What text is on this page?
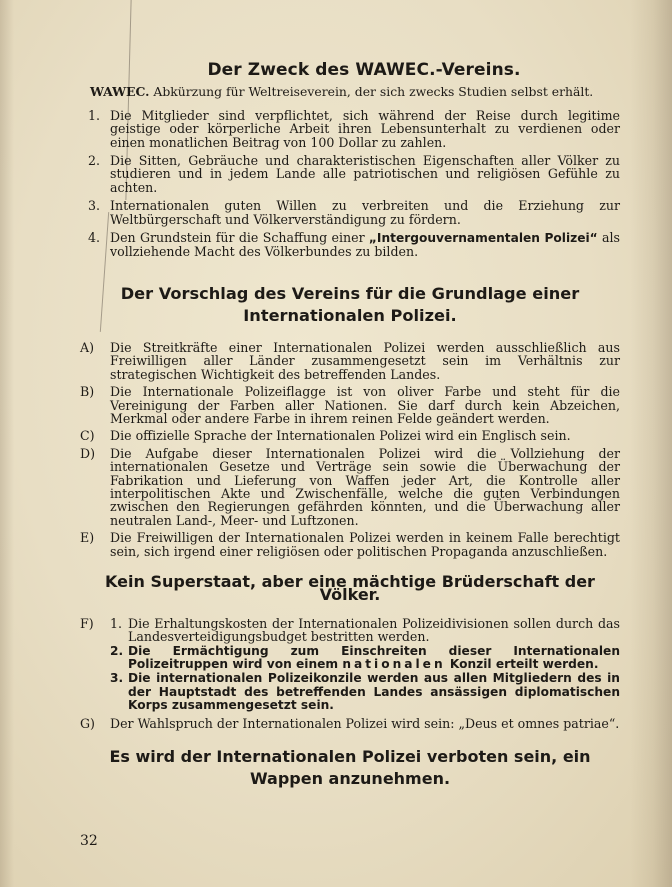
Der Zweck des WAWEC.-Vereins.

WAWEC. Abkürzung für Weltreiseverein, der sich zwecks Studien selbst erhält.

1. Die Mitglieder sind verpflichtet, sich während der Reise durch legitime geistige oder körperliche Arbeit ihren Lebensunterhalt zu verdienen oder einen monatlichen Beitrag von 100 Dollar zu zahlen.
2. Die Sitten, Gebräuche und charakteristischen Eigenschaften aller Völker zu studieren und in jedem Lande alle patriotischen und religiösen Gefühle zu achten.
3. Internationalen guten Willen zu verbreiten und die Erziehung zur Weltbürgerschaft und Völkerverständigung zu fördern.
4. Den Grundstein für die Schaffung einer „Intergouvernamentalen Polizei“ als vollziehende Macht des Völkerbundes zu bilden.
Der Vorschlag des Vereins für die Grundlage einer Internationalen Polizei.
A) Die Streitkräfte einer Internationalen Polizei werden ausschließlich aus Freiwilligen aller Länder zusammengesetzt sein im Verhältnis zur strategischen Wichtigkeit des betreffenden Landes.
B) Die Internationale Polizeiflagge ist von oliver Farbe und steht für die Vereinigung der Farben aller Nationen. Sie darf durch kein Abzeichen, Merkmal oder andere Farbe in ihrem reinen Felde geändert werden.
C) Die offizielle Sprache der Internationalen Polizei wird ein Englisch sein.
D) Die Aufgabe dieser Internationalen Polizei wird die Vollziehung der internationalen Gesetze und Verträge sein sowie die Überwachung der Fabrikation und Lieferung von Waffen jeder Art, die Kontrolle aller interpolitischen Akte und Zwischenfälle, welche die guten Verbindungen zwischen den Regierungen gefährden könnten, und die Überwachung aller neutralen Land-, Meer- und Luftzonen.
E) Die Freiwilligen der Internationalen Polizei werden in keinem Falle berechtigt sein, sich irgend einer religiösen oder politischen Propaganda anzuschließen.
Kein Superstaat, aber eine mächtige Brüderschaft der Völker.
F) 1. Die Erhaltungskosten der Internationalen Polizeidivisionen sollen durch das Landesverteidigungsbudget bestritten werden.
2. Die Ermächtigung zum Einschreiten dieser Internationalen Polizeitruppen wird von einem nationalen Konzil erteilt werden.
3. Die internationalen Polizeikonzile werden aus allen Mitgliedern des in der Hauptstadt des betreffenden Landes ansässigen diplomatischen Korps zusammengesetzt sein.
G) Der Wahlspruch der Internationalen Polizei wird sein: „Deus et omnes patriae“.
Es wird der Internationalen Polizei verboten sein, ein Wappen anzunehmen.
32
